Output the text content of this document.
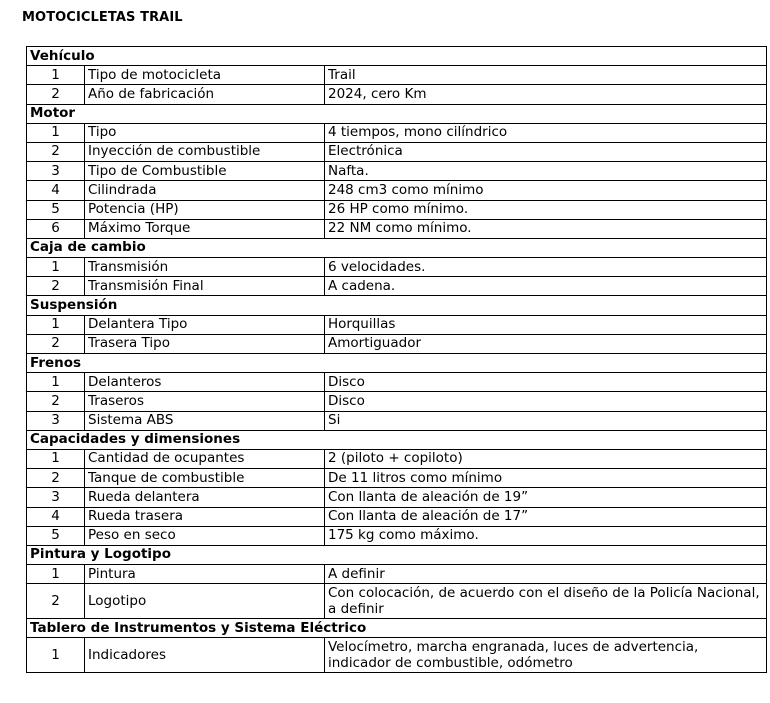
MOTOCICLETAS TRAIL
Vehículo		
1	Tipo de motocicleta	Trail
2	Año de fabricación	2024, cero Km
Motor		
1	Tipo	4 tiempos, mono cilíndrico
2	Inyección de combustible	Electrónica
3	Tipo de Combustible	Nafta.
4	Cilindrada	248 cm3 como mínimo
5	Potencia (HP)	26 HP como mínimo.
6	Máximo Torque	22 NM como mínimo.
Caja de cambio		
1	Transmisión	6 velocidades.
2	Transmisión Final	A cadena.
Suspensión		
1	Delantera Tipo	Horquillas
2	Trasera Tipo	Amortiguador
Frenos		
1	Delanteros	Disco
2	Traseros	Disco
3	Sistema ABS	Si
Capacidades y dimensiones		
1	Cantidad de ocupantes	2 (piloto + copiloto)
2	Tanque de combustible	De 11 litros como mínimo
3	Rueda delantera	Con llanta de aleación de 19”
4	Rueda trasera	Con llanta de aleación de 17”
5	Peso en seco	175 kg como máximo.
Pintura y Logotipo		
1	Pintura	A definir
2	Logotipo	Con colocación, de acuerdo con el diseño de la Policía Nacional, a definir
Tablero de Instrumentos y Sistema Eléctrico		
1	Indicadores	Velocímetro, marcha engranada, luces de advertencia, indicador de combustible, odómetro
